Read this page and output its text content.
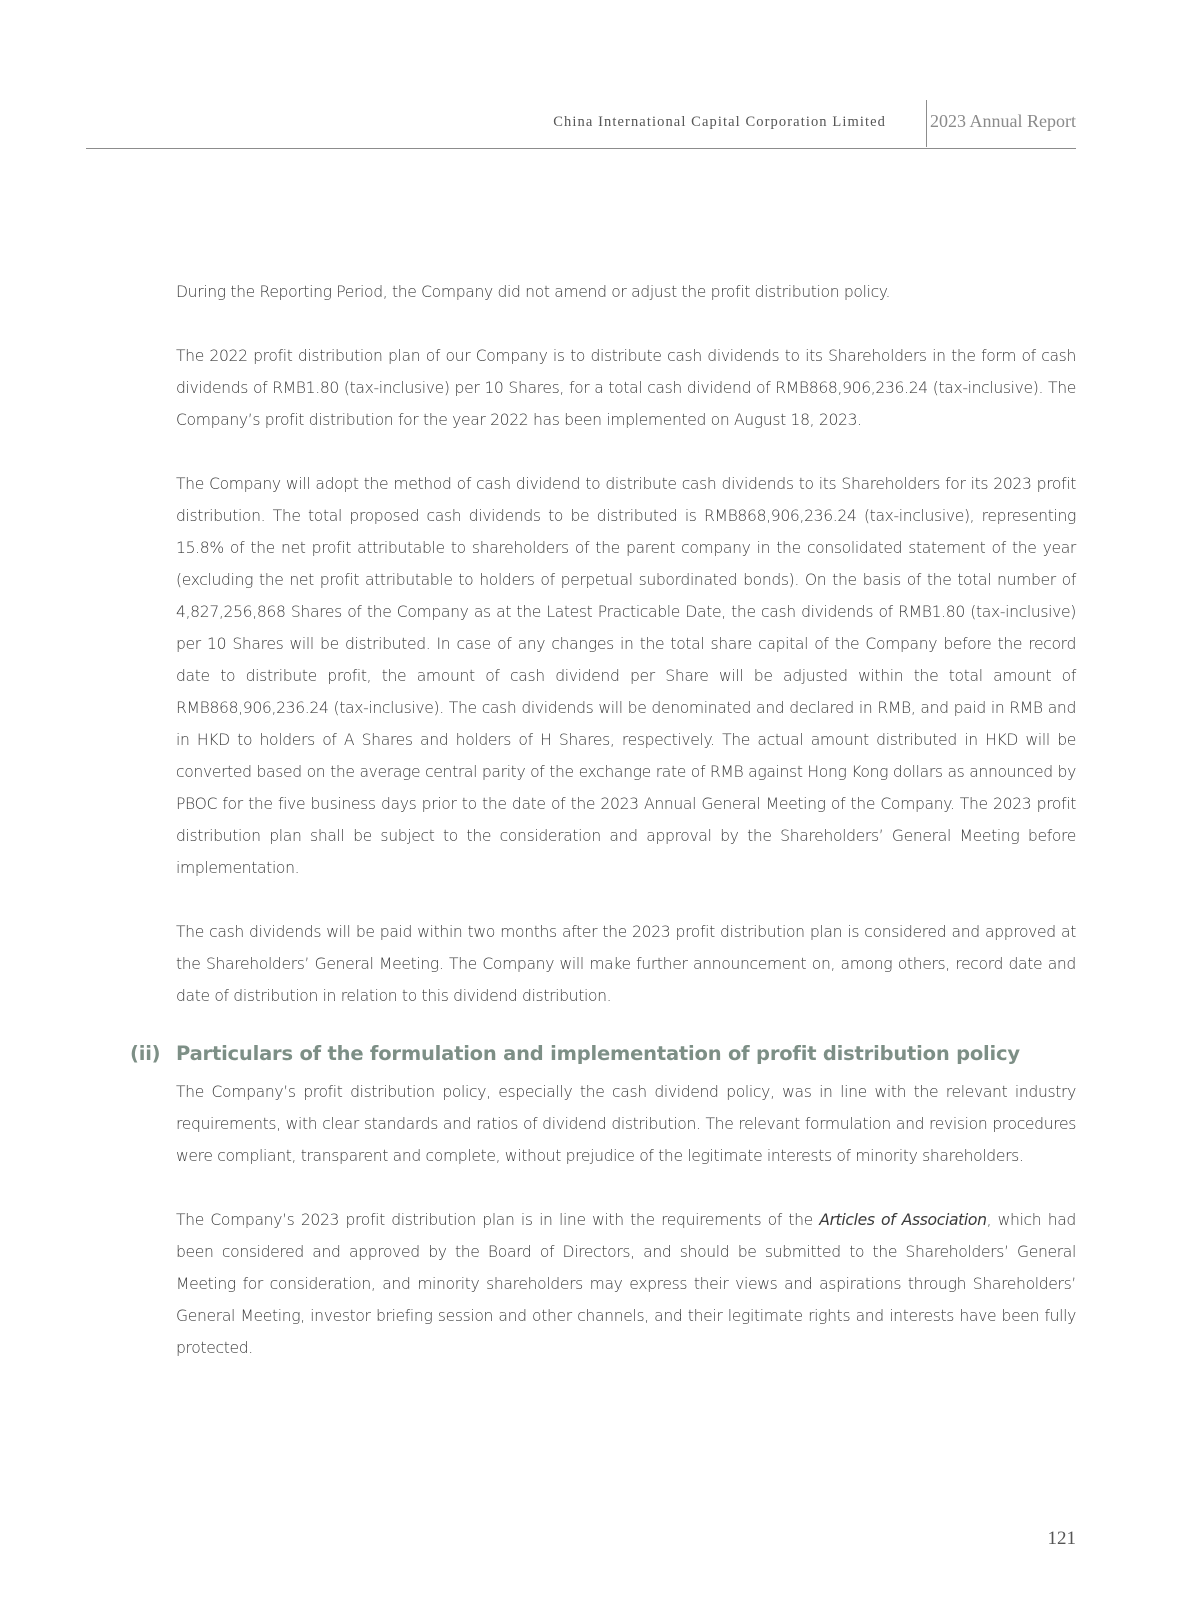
China International Capital Corporation Limited 2023 Annual Report

During the Reporting Period, the Company did not amend or adjust the profit distribution policy.

The 2022 profit distribution plan of our Company is to distribute cash dividends to its Shareholders in the form of cash dividends of RMB1.80 (tax-inclusive) per 10 Shares, for a total cash dividend of RMB868,906,236.24 (tax-inclusive). The Company’s profit distribution for the year 2022 has been implemented on August 18, 2023.

The Company will adopt the method of cash dividend to distribute cash dividends to its Shareholders for its 2023 profit distribution. The total proposed cash dividends to be distributed is RMB868,906,236.24 (tax-inclusive), representing 15.8% of the net profit attributable to shareholders of the parent company in the consolidated statement of the year (excluding the net profit attributable to holders of perpetual subordinated bonds). On the basis of the total number of 4,827,256,868 Shares of the Company as at the Latest Practicable Date, the cash dividends of RMB1.80 (tax-inclusive) per 10 Shares will be distributed. In case of any changes in the total share capital of the Company before the record date to distribute profit, the amount of cash dividend per Share will be adjusted within the total amount of RMB868,906,236.24 (tax-inclusive). The cash dividends will be denominated and declared in RMB, and paid in RMB and in HKD to holders of A Shares and holders of H Shares, respectively. The actual amount distributed in HKD will be converted based on the average central parity of the exchange rate of RMB against Hong Kong dollars as announced by PBOC for the five business days prior to the date of the 2023 Annual General Meeting of the Company. The 2023 profit distribution plan shall be subject to the consideration and approval by the Shareholders’ General Meeting before implementation.

The cash dividends will be paid within two months after the 2023 profit distribution plan is considered and approved at the Shareholders’ General Meeting. The Company will make further announcement on, among others, record date and date of distribution in relation to this dividend distribution.

(ii) Particulars of the formulation and implementation of profit distribution policy

The Company’s profit distribution policy, especially the cash dividend policy, was in line with the relevant industry requirements, with clear standards and ratios of dividend distribution. The relevant formulation and revision procedures were compliant, transparent and complete, without prejudice of the legitimate interests of minority shareholders.

The Company’s 2023 profit distribution plan is in line with the requirements of the Articles of Association, which had been considered and approved by the Board of Directors, and should be submitted to the Shareholders’ General Meeting for consideration, and minority shareholders may express their views and aspirations through Shareholders’ General Meeting, investor briefing session and other channels, and their legitimate rights and interests have been fully protected.

121
